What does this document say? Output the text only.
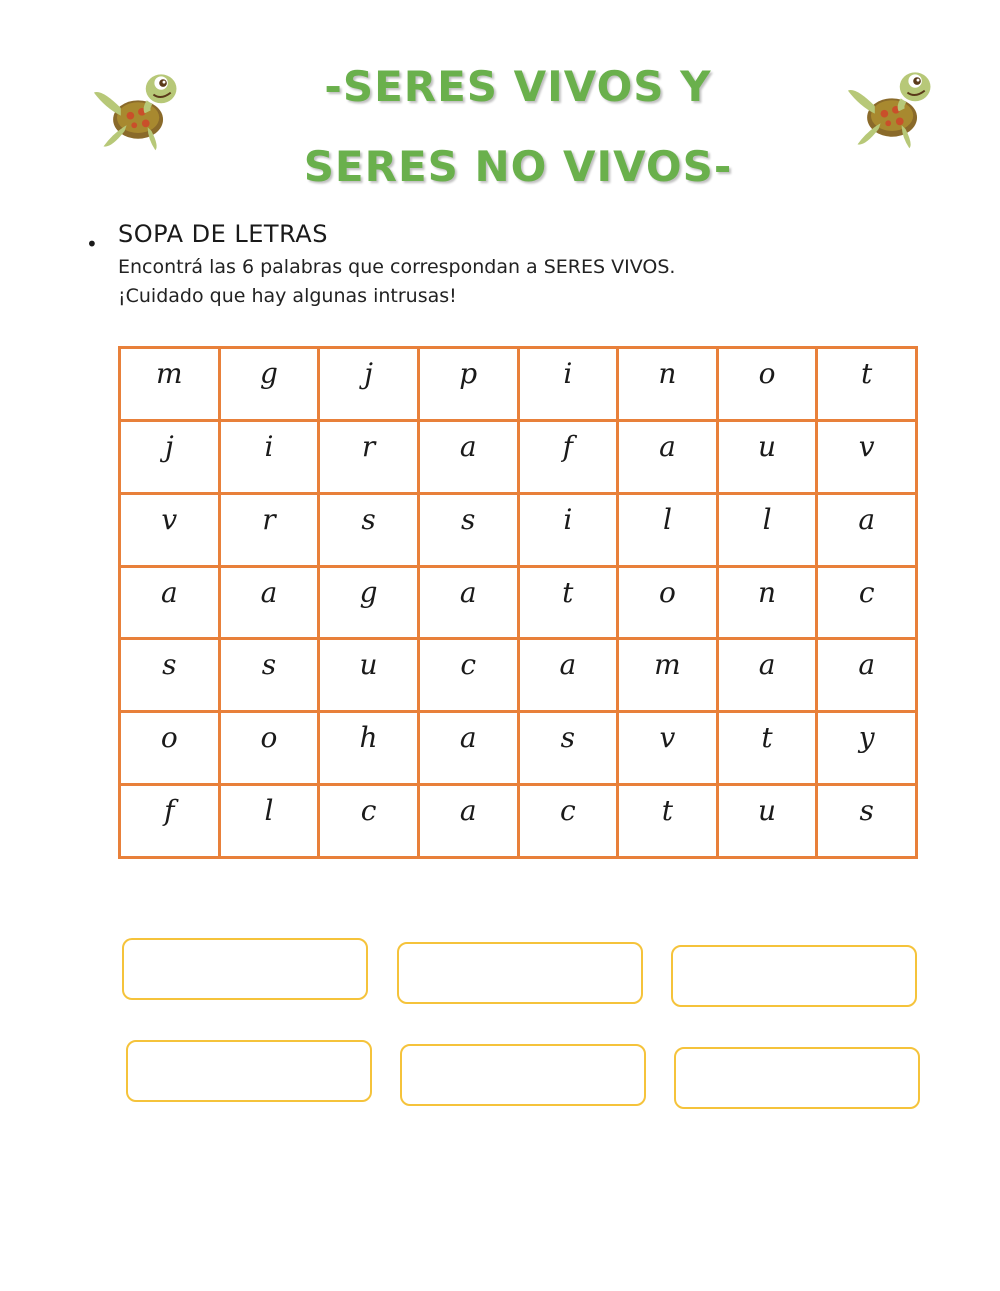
-SERES VIVOS Y
SERES NO VIVOS-
• SOPA DE LETRAS
Encontrá las 6 palabras que correspondan a SERES VIVOS.
¡Cuidado que hay algunas intrusas!
m	g	j	p	i	n	o	t
j	i	r	a	f	a	u	v
v	r	s	s	i	l	l	a
a	a	g	a	t	o	n	c
s	s	u	c	a	m	a	a
o	o	h	a	s	v	t	y
f	l	c	a	c	t	u	s
